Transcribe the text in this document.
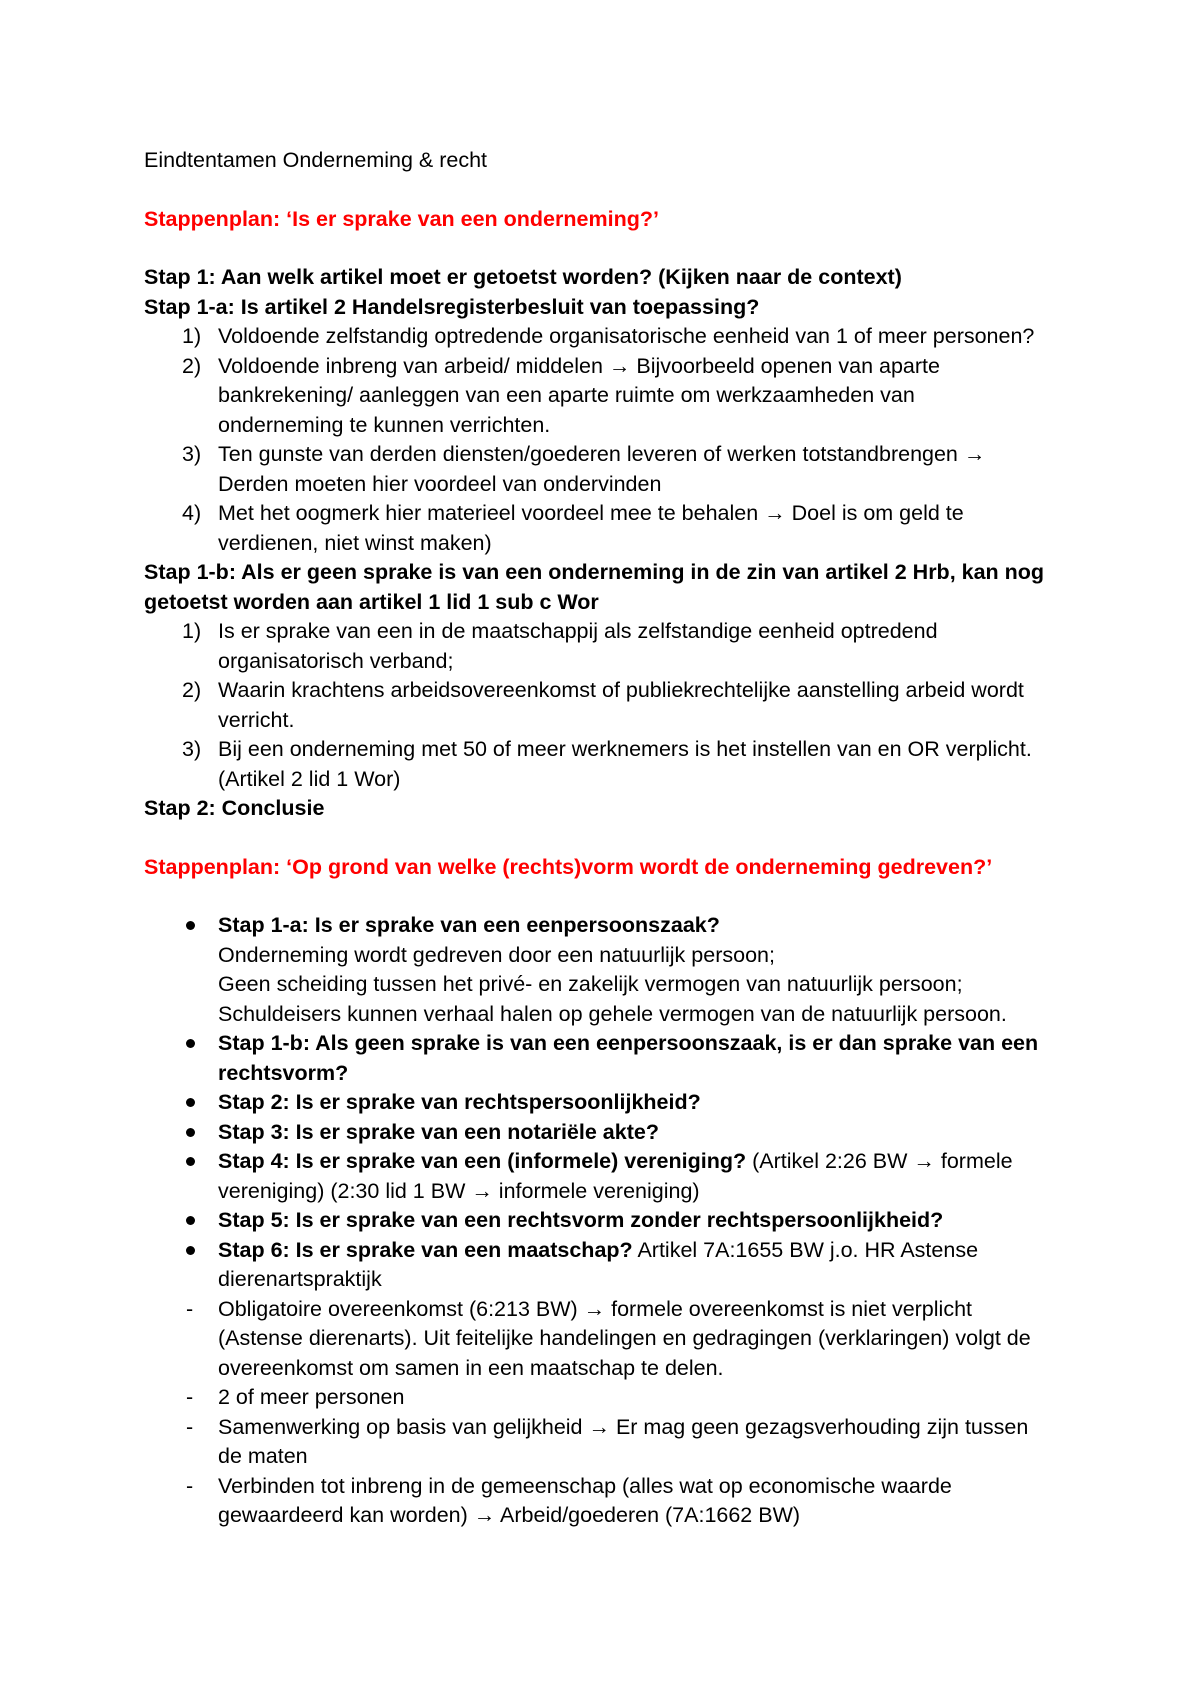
Eindtentamen Onderneming & recht
Stappenplan: ‘Is er sprake van een onderneming?’
Stap 1: Aan welk artikel moet er getoetst worden? (Kijken naar de context)
Stap 1-a: Is artikel 2 Handelsregisterbesluit van toepassing?
1) Voldoende zelfstandig optredende organisatorische eenheid van 1 of meer personen?
2) Voldoende inbreng van arbeid/ middelen → Bijvoorbeeld openen van aparte
bankrekening/ aanleggen van een aparte ruimte om werkzaamheden van
onderneming te kunnen verrichten.
3) Ten gunste van derden diensten/goederen leveren of werken totstandbrengen →
Derden moeten hier voordeel van ondervinden
4) Met het oogmerk hier materieel voordeel mee te behalen → Doel is om geld te
verdienen, niet winst maken)
Stap 1-b: Als er geen sprake is van een onderneming in de zin van artikel 2 Hrb, kan nog
getoetst worden aan artikel 1 lid 1 sub c Wor
1) Is er sprake van een in de maatschappij als zelfstandige eenheid optredend
organisatorisch verband;
2) Waarin krachtens arbeidsovereenkomst of publiekrechtelijke aanstelling arbeid wordt
verricht.
3) Bij een onderneming met 50 of meer werknemers is het instellen van en OR verplicht.
(Artikel 2 lid 1 Wor)
Stap 2: Conclusie
Stappenplan: ‘Op grond van welke (rechts)vorm wordt de onderneming gedreven?’
Stap 1-a: Is er sprake van een eenpersoonszaak?
Onderneming wordt gedreven door een natuurlijk persoon;
Geen scheiding tussen het privé- en zakelijk vermogen van natuurlijk persoon;
Schuldeisers kunnen verhaal halen op gehele vermogen van de natuurlijk persoon.
Stap 1-b: Als geen sprake is van een eenpersoonszaak, is er dan sprake van een
rechtsvorm?
Stap 2: Is er sprake van rechtspersoonlijkheid?
Stap 3: Is er sprake van een notariële akte?
Stap 4: Is er sprake van een (informele) vereniging? (Artikel 2:26 BW → formele
vereniging) (2:30 lid 1 BW → informele vereniging)
Stap 5: Is er sprake van een rechtsvorm zonder rechtspersoonlijkheid?
Stap 6: Is er sprake van een maatschap? Artikel 7A:1655 BW j.o. HR Astense
dierenartspraktijk
- Obligatoire overeenkomst (6:213 BW) → formele overeenkomst is niet verplicht
(Astense dierenarts). Uit feitelijke handelingen en gedragingen (verklaringen) volgt de
overeenkomst om samen in een maatschap te delen.
- 2 of meer personen
- Samenwerking op basis van gelijkheid → Er mag geen gezagsverhouding zijn tussen
de maten
- Verbinden tot inbreng in de gemeenschap (alles wat op economische waarde
gewaardeerd kan worden) → Arbeid/goederen (7A:1662 BW)
